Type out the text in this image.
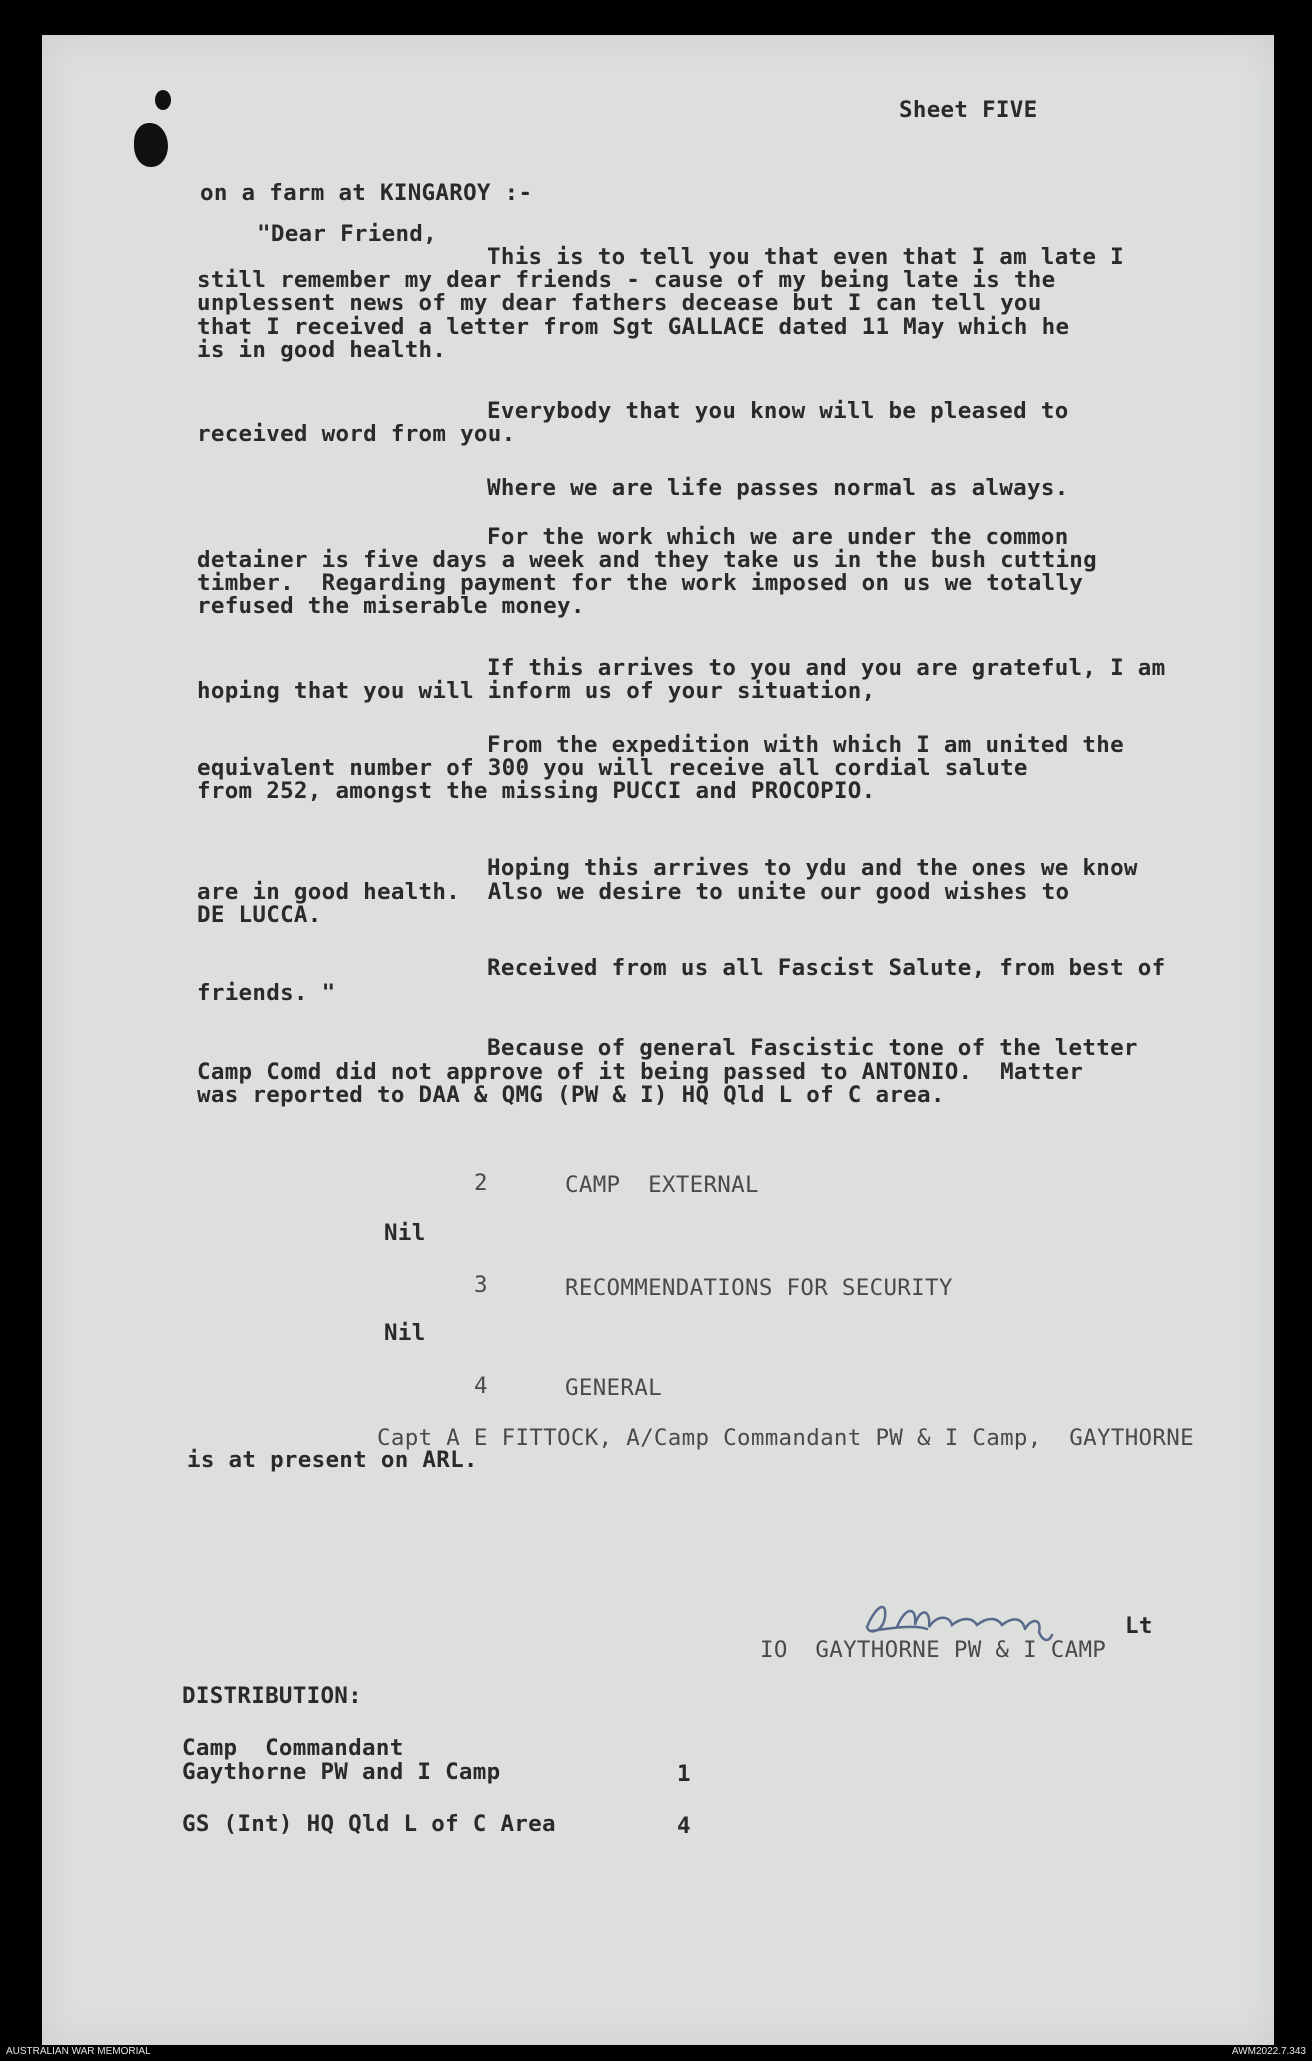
Sheet FIVE
on a farm at KINGAROY :-
"Dear Friend,
This is to tell you that even that I am late I
still remember my dear friends - cause of my being late is the
unplessent news of my dear fathers decease but I can tell you
that I received a letter from Sgt GALLACE dated 11 May which he
is in good health.
Everybody that you know will be pleased to
received word from you.
Where we are life passes normal as always.
For the work which we are under the common
detainer is five days a week and they take us in the bush cutting
timber.  Regarding payment for the work imposed on us we totally
refused the miserable money.
If this arrives to you and you are grateful, I am
hoping that you will inform us of your situation,
From the expedition with which I am united the
equivalent number of 300 you will receive all cordial salute
from 252, amongst the missing PUCCI and PROCOPIO.
Hoping this arrives to ydu and the ones we know
are in good health.  Also we desire to unite our good wishes to
DE LUCCA.
Received from us all Fascist Salute, from best of
friends. "
Because of general Fascistic tone of the letter
Camp Comd did not approve of it being passed to ANTONIO.  Matter
was reported to DAA & QMG (PW & I) HQ Qld L of C area.
2	CAMP  EXTERNAL
Nil
3	RECOMMENDATIONS FOR SECURITY
Nil
4	GENERAL
Capt A E FITTOCK, A/Camp Commandant PW & I Camp,  GAYTHORNE
is at present on ARL.
Lt
IO  GAYTHORNE PW & I CAMP
DISTRIBUTION:
Camp  Commandant
Gaythorne PW and I Camp	1
GS (Int) HQ Qld L of C Area	4
AUSTRALIAN WAR MEMORIAL	AWM2022.7.343
